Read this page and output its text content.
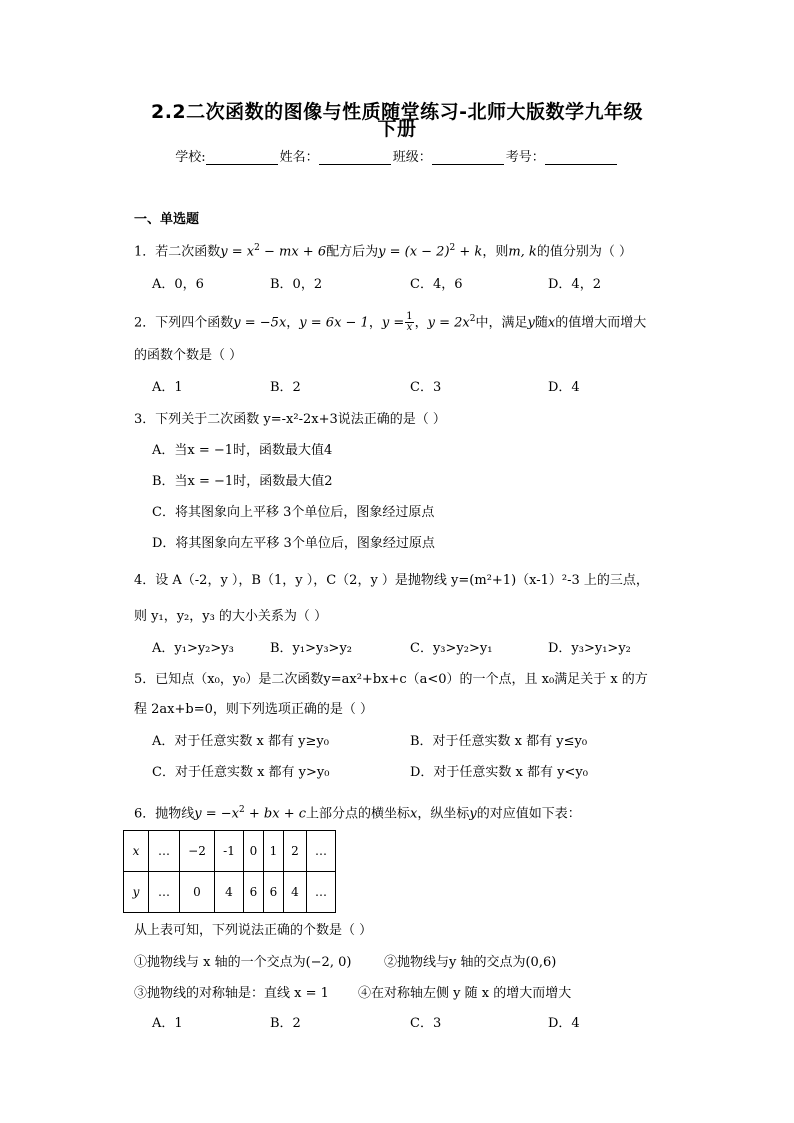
2.2二次函数的图像与性质随堂练习-北师大版数学九年级
下册
学校:	姓名：	班级：	考号：
一、单选题
1．若二次函数$y = x^2$ − mx + 6配方后为$y = (x - 2)^2 + k$，则m, k的值分别为（ ）
A．0，6	B．0，2	C．4，6	D．4，2
2．下列四个函数y = −5x，y = 6x − 1，$y = \frac{1}{x}$ ，$y = 2x^2$中，满足y随x的值增大而增大
的函数个数是（ ）
A．1	B．2	C．3	D．4
3．下列关于二次函数 y=-x²-2x+3说法正确的是（ ）
A．当x = −1时，函数最大值4
B．当x = −1时，函数最大值2
C．将其图象向上平移 3个单位后，图象经过原点
D．将其图象向左平移 3个单位后，图象经过原点
4．设 A（-2，y ），B（1，y ），C（2，y ）是抛物线 y=(m²+1)（x-1）²-3 上的三点，
则 y₁，y₂，y₃ 的大小关系为（ ）
A．y₁>y₂>y₃	B．y₁>y₃>y₂	C．y₃>y₂>y₁	D．y₃>y₁>y₂
5．已知点（x₀，y₀）是二次函数y=ax²+bx+c（a<0）的一个点，且 x₀满足关于 x 的方
程 2ax+b=0，则下列选项正确的是（ ）
A．对于任意实数 x 都有 y≥y₀	B．对于任意实数 x 都有 y≤y₀
C．对于任意实数 x 都有 y>y₀	D．对于任意实数 x 都有 y<y₀
6．抛物线$y = -x^2$ + bx + c上部分点的横坐标x，纵坐标y的对应值如下表：
x	…	−2	-1	0	1	2	…
y	…	0	4	6	6	4	…
从上表可知，下列说法正确的个数是（ ）
①抛物线与 x 轴的一个交点为(−2, 0)	②抛物线与y 轴的交点为(0,6)
③抛物线的对称轴是：直线 x = 1 ④在对称轴左侧 y 随 x 的增大而增大
A．1	B．2	C．3	D．4
